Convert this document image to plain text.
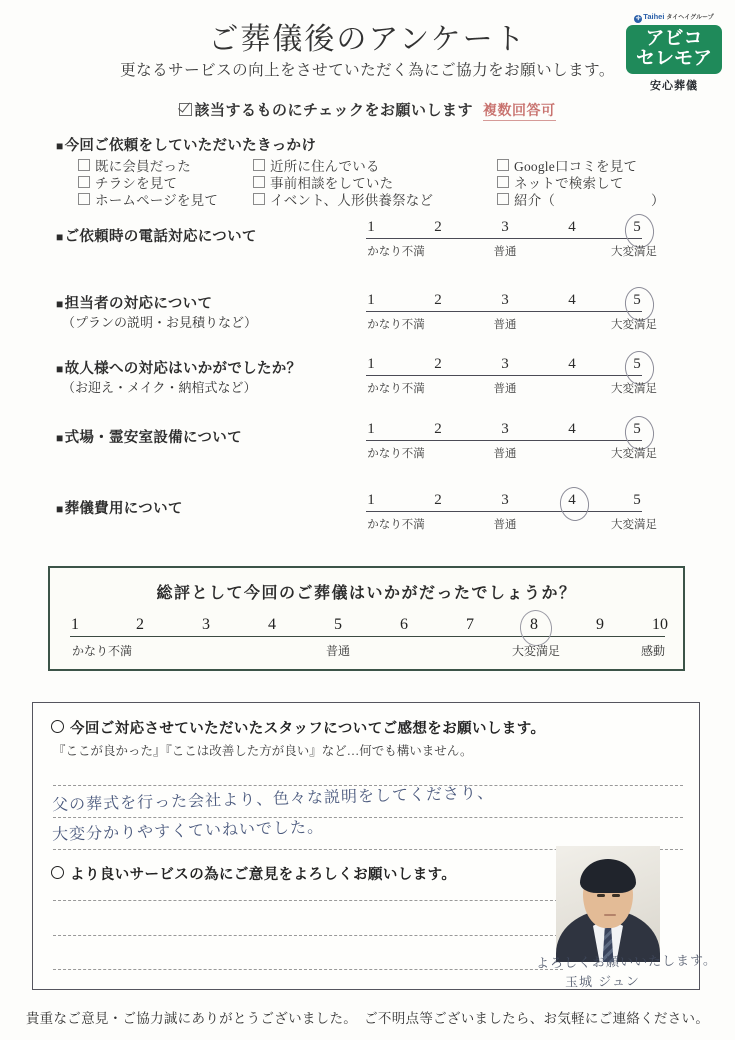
ご葬儀後のアンケート
更なるサービスの向上をさせていただく為にご協力をお願いします。
該当するものにチェックをお願いします 複数回答可
✛ Taihei タイヘイグループ
アビコ
セレモア
安心葬儀
■ 今回ご依頼をしていただいたきっかけ
既に会員だった
チラシを見て
ホームページを見て
近所に住んでいる
事前相談をしていた
イベント、人形供養祭など
Google口コミを見て
ネットで検索して
紹介（　　　　　　　）
■ ご依頼時の電話対応について
1	2	3	4	5
かなり不満	普通	大変満足
■ 担当者の対応について
（プランの説明・お見積りなど）
1	2	3	4	5
かなり不満	普通	大変満足
■ 故人様への対応はいかがでしたか？
（お迎え・メイク・納棺式など）
1	2	3	4	5
かなり不満	普通	大変満足
■ 式場・霊安室設備について
1	2	3	4	5
かなり不満	普通	大変満足
■ 葬儀費用について
1	2	3	4	5
かなり不満	普通	大変満足
総評として今回のご葬儀はいかがだったでしょうか？
1	2	3	4	5	6	7	8	9	10
かなり不満	普通	大変満足	感動
今回ご対応させていただいたスタッフについてご感想をお願いします。
『ここが良かった』『ここは改善した方が良い』など…何でも構いません。
より良いサービスの為にご意見をよろしくお願いします。
父の葬式を行った会社より、色々な説明をしてくださり、
大変分かりやすくていねいでした。
よろしくお願いいたします。
玉城 ジュン
貴重なご意見・ご協力誠にありがとうございました。　ご不明点等ございましたら、お気軽にご連絡ください。
